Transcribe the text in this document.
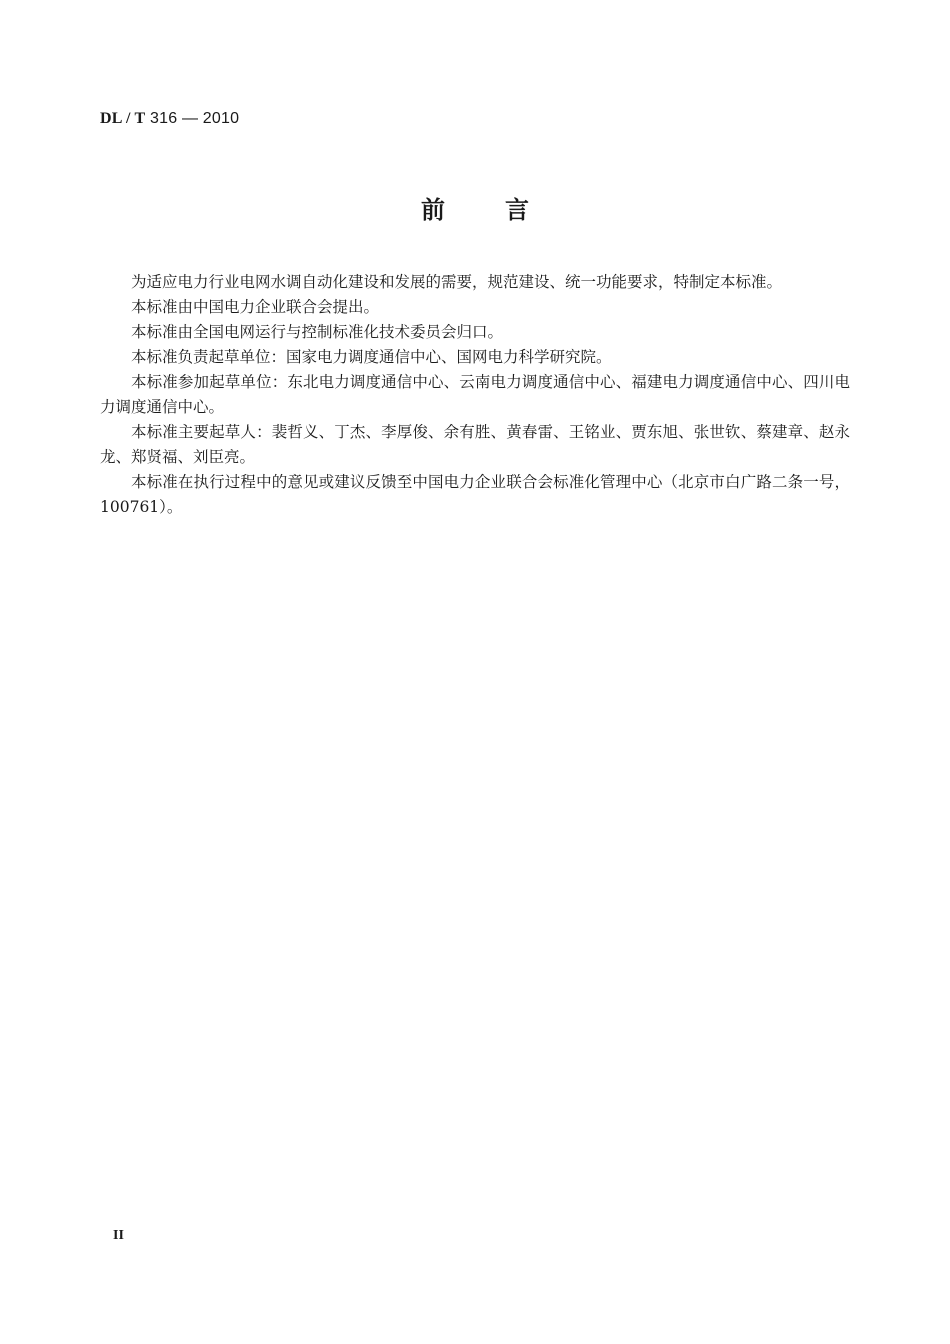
DL / T 316 — 2010
前言

为适应电力行业电网水调自动化建设和发展的需要，规范建设、统一功能要求，特制定本标准。

本标准由中国电力企业联合会提出。

本标准由全国电网运行与控制标准化技术委员会归口。

本标准负责起草单位：国家电力调度通信中心、国网电力科学研究院。

本标准参加起草单位：东北电力调度通信中心、云南电力调度通信中心、福建电力调度通信中心、四川电力调度通信中心。

本标准主要起草人：裴哲义、丁杰、李厚俊、余有胜、黄春雷、王铭业、贾东旭、张世钦、蔡建章、赵永龙、郑贤福、刘臣亮。

本标准在执行过程中的意见或建议反馈至中国电力企业联合会标准化管理中心（北京市白广路二条一号，100761）。

II
